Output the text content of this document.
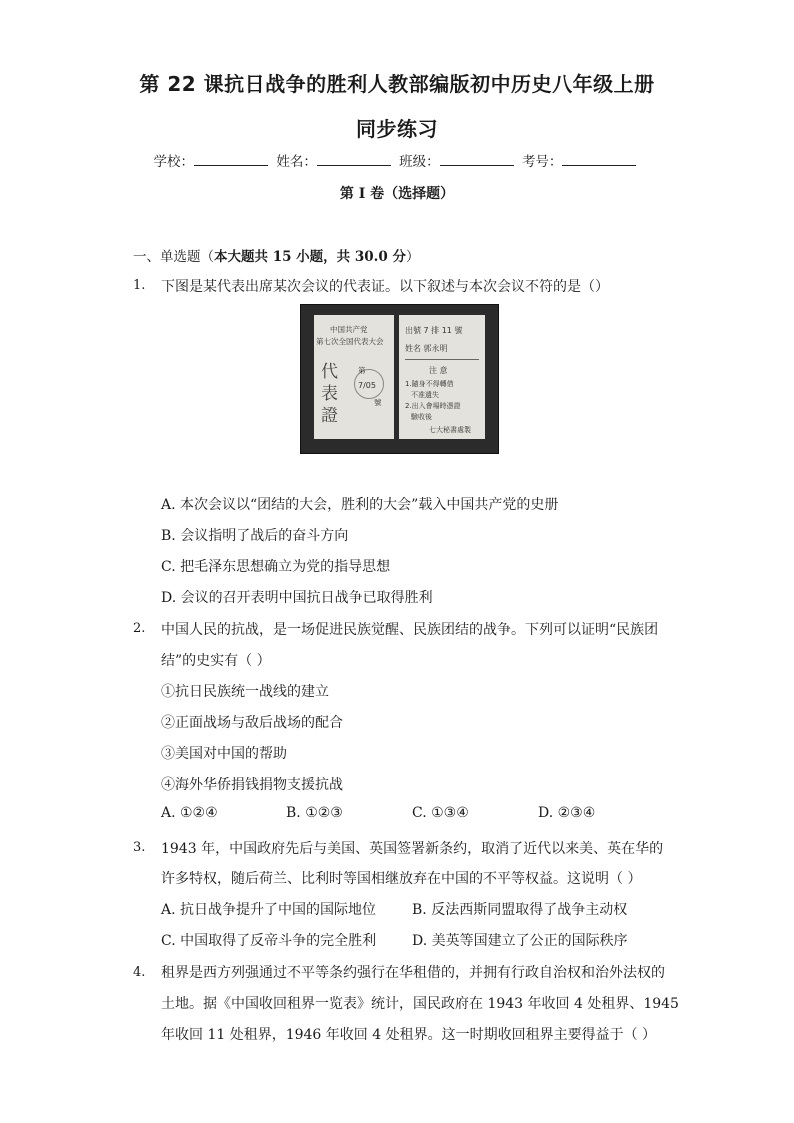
第 22 课抗日战争的胜利人教部编版初中历史八年级上册
同步练习
学校：	姓名：	班级：	考号：
第 I 卷（选择题）
一、单选题（本大题共 15 小题，共 30.0 分）
1. 下图是某代表出席某次会议的代表证。以下叙述与本次会议不符的是（）
中国共产党
第七次全国代表大会
代
表
證
第
7/05
號
出號 7 排 11 號
姓名 郭永明
注 意
1.隨身不得轉借
不准遺失
2.出入會場時憑證
驗收後
七大秘書處製
A. 本次会议以“团结的大会，胜利的大会”载入中国共产党的史册
B. 会议指明了战后的奋斗方向
C. 把毛泽东思想确立为党的指导思想
D. 会议的召开表明中国抗日战争已取得胜利
2. 中国人民的抗战，是一场促进民族觉醒、民族团结的战争。下列可以证明“民族团
结”的史实有（ ）
①抗日民族统一战线的建立
②正面战场与敌后战场的配合
③美国对中国的帮助
④海外华侨捐钱捐物支援抗战
A. ①②④	B. ①②③	C. ①③④	D. ②③④
3. 1943 年，中国政府先后与美国、英国签署新条约，取消了近代以来美、英在华的
许多特权，随后荷兰、比利时等国相继放弃在中国的不平等权益。这说明（ ）
A. 抗日战争提升了中国的国际地位	B. 反法西斯同盟取得了战争主动权
C. 中国取得了反帝斗争的完全胜利	D. 美英等国建立了公正的国际秩序
4. 租界是西方列强通过不平等条约强行在华租借的，并拥有行政自治权和治外法权的
土地。据《中国收回租界一览表》统计，国民政府在 1943 年收回 4 处租界、1945
年收回 11 处租界，1946 年收回 4 处租界。这一时期收回租界主要得益于（ ）
